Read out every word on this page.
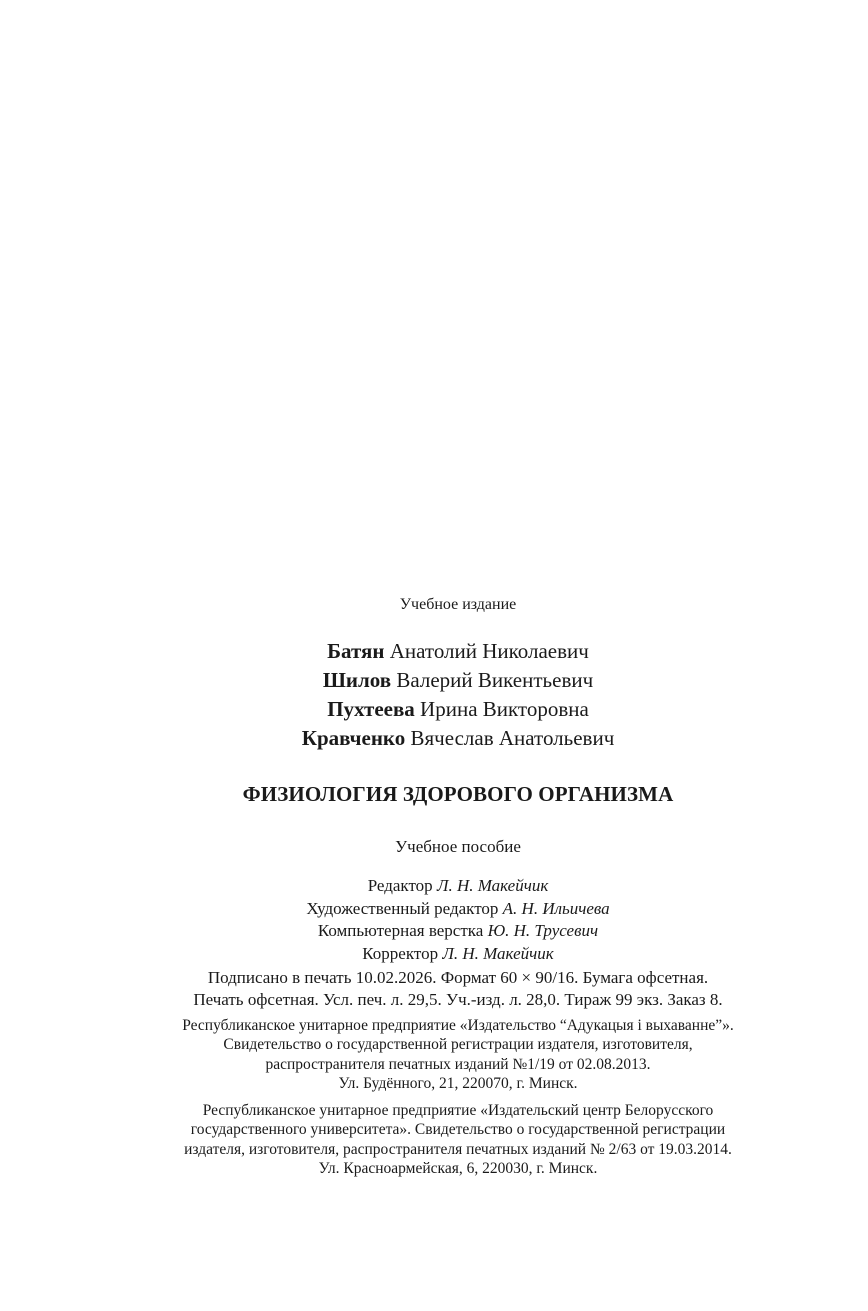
Учебное издание
Батян Анатолий Николаевич
Шилов Валерий Викентьевич
Пухтеева Ирина Викторовна
Кравченко Вячеслав Анатольевич
ФИЗИОЛОГИЯ ЗДОРОВОГО ОРГАНИЗМА
Учебное пособие
Редактор Л. Н. Макейчик
Художественный редактор А. Н. Ильичева
Компьютерная верстка Ю. Н. Трусевич
Корректор Л. Н. Макейчик
Подписано в печать 10.02.2026. Формат 60 × 90/16. Бумага офсетная.
Печать офсетная. Усл. печ. л. 29,5. Уч.-изд. л. 28,0. Тираж 99 экз. Заказ 8.
Республиканское унитарное предприятие «Издательство “Адукацыя і выхаванне”».
Свидетельство о государственной регистрации издателя, изготовителя,
распространителя печатных изданий №1/19 от 02.08.2013.
Ул. Будённого, 21, 220070, г. Минск.
Республиканское унитарное предприятие «Издательский центр Белорусского
государственного университета». Свидетельство о государственной регистрации
издателя, изготовителя, распространителя печатных изданий № 2/63 от 19.03.2014.
Ул. Красноармейская, 6, 220030, г. Минск.
